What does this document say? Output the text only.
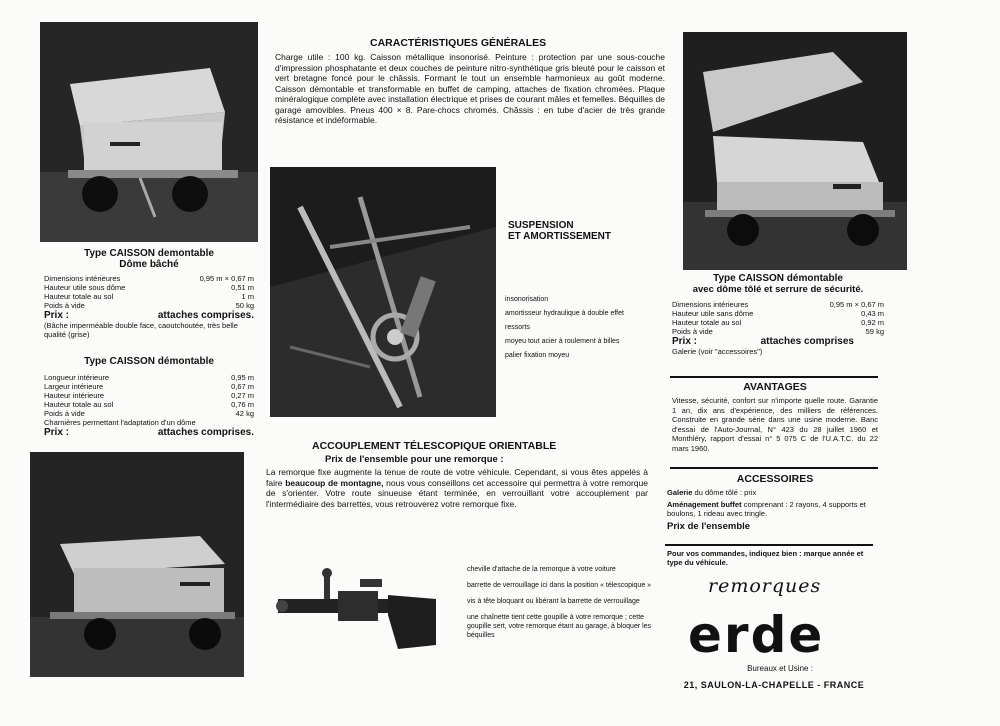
CARACTÉRISTIQUES GÉNÉRALES
Charge utile : 100 kg. Caisson métallique insonorisé. Peinture : protection par une sous-couche d'impression phosphatante et deux couches de peinture nitro-synthétique gris bleuté pour le caisson et vert bretagne foncé pour le châssis. Formant le tout un ensemble harmonieux au goût moderne. Caisson démontable et transformable en buffet de camping, attaches de fixation chromées. Plaque minéralogique complète avec installation électrique et prises de courant mâles et femelles. Béquilles de garage amovibles. Pneus 400 × 8. Pare-chocs chromés. Châssis : en tube d'acier de très grande résistance et indéformable.
Type CAISSON demontable
Dôme bâché
Dimensions intérieures	0,95 m × 0,67 m
Hauteur utile sous dôme	0,51 m
Hauteur totale au sol	1 m
Poids à vide	50 kg
Prix :	attaches comprises.
(Bâche imperméable double face, caoutchoutée, très belle qualité (grise)
Type CAISSON démontable
Longueur intérieure	0,95 m
Largeur intérieure	0,67 m
Hauteur intérieure	0,27 m
Hauteur totale au sol	0,76 m
Poids à vide	42 kg
Charnières permettant l'adaptation d'un dôme
Prix :	attaches comprises.
SUSPENSION
ET AMORTISSEMENT
insonorisation
amortisseur hydraulique à double effet
ressorts
moyeu tout acier à roulement à billes
palier fixation moyeu
ACCOUPLEMENT TÉLESCOPIQUE ORIENTABLE
Prix de l'ensemble pour une remorque :
La remorque fixe augmente la tenue de route de votre véhicule. Cependant, si vous êtes appelés à faire beaucoup de montagne, nous vous conseillons cet accessoire qui permettra à votre remorque de s'orienter. Votre route sinueuse étant terminée, en verrouillant votre accouplement par l'intermédiaire des barrettes, vous retrouverez votre remorque fixe.
cheville d'attache de la remorque à votre voiture
barrette de verrouillage ici dans la position « télescopique »
vis à tête bloquant ou libérant la barrette de verrouillage
une chaînette tient cette goupille à votre remorque ; cette goupille sert, votre remorque étant au garage, à bloquer les béquilles
Type CAISSON démontable
avec dôme tôlé et serrure de sécurité.
Dimensions intérieures	0,95 m × 0,67 m
Hauteur utile sans dôme	0,43 m
Hauteur totale au sol	0,92 m
Poids à vide	59 kg
Prix :	attaches comprises
Galerie (voir "accessoires")
AVANTAGES
Vitesse, sécurité, confort sur n'importe quelle route. Garantie 1 an, dix ans d'expérience, des milliers de références. Construite en grande série dans une usine moderne. Banc d'essai de l'Auto-Journal, N° 423 du 28 juillet 1960 et Monthléry, rapport d'essai n° 5 075 C de l'U.A.T.C. du 22 mars 1960.
ACCESSOIRES
Galerie du dôme tôlé : prix
Aménagement buffet comprenant : 2 rayons, 4 supports et boulons, 1 rideau avec tringle.
Prix de l'ensemble
Pour vos commandes, indiquez bien : marque année et type du véhicule.
remorques
erde
Bureaux et Usine :
21, SAULON-LA-CHAPELLE - FRANCE
